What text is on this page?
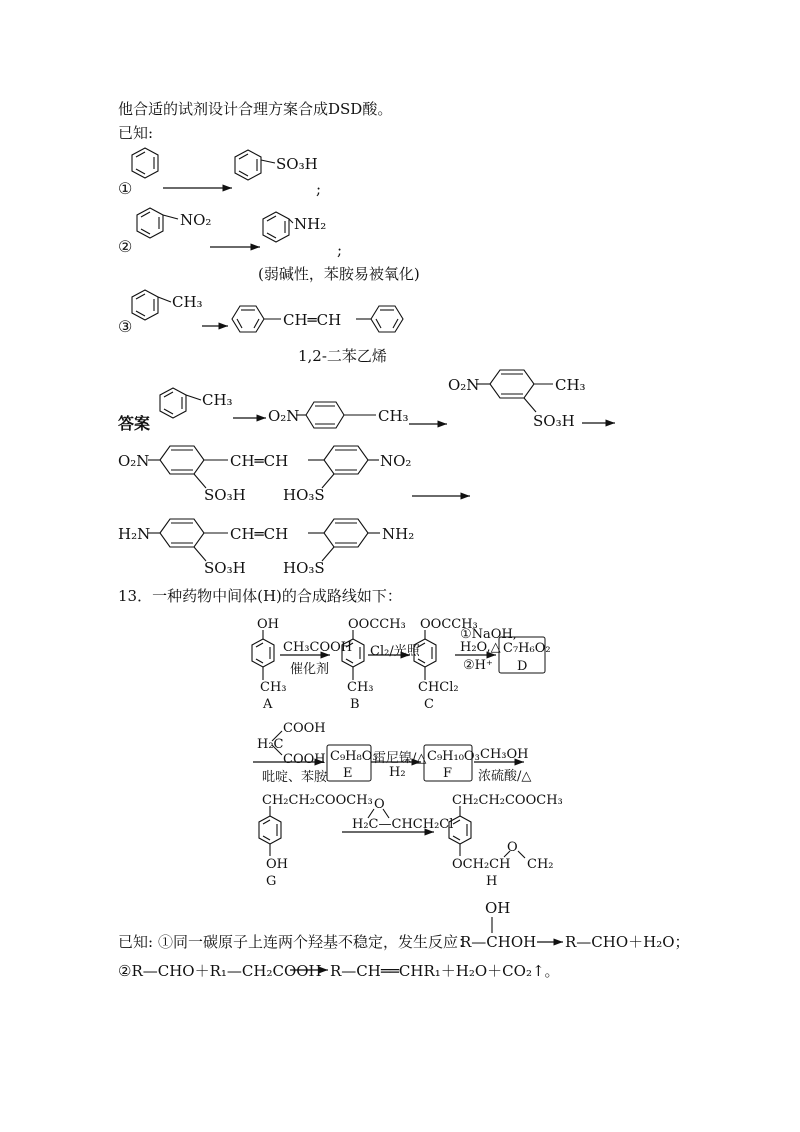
他合适的试剂设计合理方案合成DSD酸。
已知:
①
SO₃H
;
②
NO₂	NH₂
;
(弱碱性，苯胺易被氧化)
③
CH₃
CH═CH
1,2-二苯乙烯
答案
CH₃
O₂N	CH₃
O₂N	CH₃
SO₃H
O₂N	CH═CH	NO₂
SO₃H HO₃S
H₂N	CH═CH	NH₂
SO₃H HO₃S
13．一种药物中间体(H)的合成路线如下：
OH
CH₃
A
CH₃COOH
催化剂
OOCCH₃
CH₃
B
Cl₂/光照
OOCCH₃
CHCl₂
C
①NaOH,
H₂O,△
②H⁺
C₇H₆O₂
D
COOH
H₂C
COOH
吡啶、苯胺
C₉H₈O₃
E
雷尼镍/△
H₂
C₉H₁₀O₃
F
CH₃OH
浓硫酸/△
CH₂CH₂COOCH₃
OH
G
O
H₂C—CHCH₂Cl
CH₂CH₂COOCH₃
OCH₂CH CH₂
O
H
已知: ①同一碳原子上连两个羟基不稳定，发生反应：
OH
R—CHOH R—CHO＋H₂O；
②R—CHO＋R₁—CH₂COOH R—CH══CHR₁＋H₂O＋CO₂↑。
